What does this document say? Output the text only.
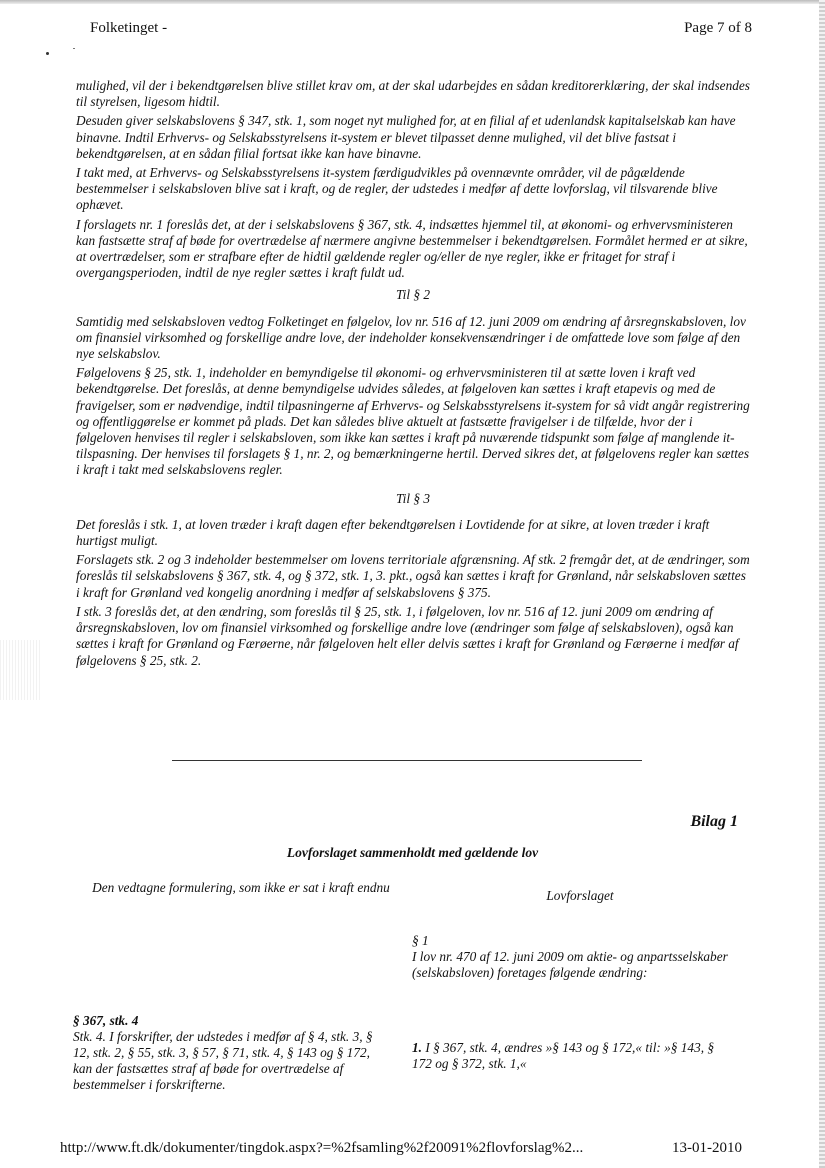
Folketinget -	Page 7 of 8

mulighed, vil der i bekendtgørelsen blive stillet krav om, at der skal udarbejdes en sådan kreditorerklæring, der skal indsendes til styrelsen, ligesom hidtil.

Desuden giver selskabslovens § 347, stk. 1, som noget nyt mulighed for, at en filial af et udenlandsk kapitalselskab kan have binavne. Indtil Erhvervs- og Selskabsstyrelsens it-system er blevet tilpasset denne mulighed, vil det blive fastsat i bekendtgørelsen, at en sådan filial fortsat ikke kan have binavne.

I takt med, at Erhvervs- og Selskabsstyrelsens it-system færdigudvikles på ovennævnte områder, vil de pågældende bestemmelser i selskabsloven blive sat i kraft, og de regler, der udstedes i medfør af dette lovforslag, vil tilsvarende blive ophævet.

I forslagets nr. 1 foreslås det, at der i selskabslovens § 367, stk. 4, indsættes hjemmel til, at økonomi- og erhvervsministeren kan fastsætte straf af bøde for overtrædelse af nærmere angivne bestemmelser i bekendtgørelsen. Formålet hermed er at sikre, at overtrædelser, som er strafbare efter de hidtil gældende regler og/eller de nye regler, ikke er fritaget for straf i overgangsperioden, indtil de nye regler sættes i kraft fuldt ud.

Til § 2

Samtidig med selskabsloven vedtog Folketinget en følgelov, lov nr. 516 af 12. juni 2009 om ændring af årsregnskabsloven, lov om finansiel virksomhed og forskellige andre love, der indeholder konsekvensændringer i de omfattede love som følge af den nye selskabslov.

Følgelovens § 25, stk. 1, indeholder en bemyndigelse til økonomi- og erhvervsministeren til at sætte loven i kraft ved bekendtgørelse. Det foreslås, at denne bemyndigelse udvides således, at følgeloven kan sættes i kraft etapevis og med de fravigelser, som er nødvendige, indtil tilpasningerne af Erhvervs- og Selskabsstyrelsens it-system for så vidt angår registrering og offentliggørelse er kommet på plads. Det kan således blive aktuelt at fastsætte fravigelser i de tilfælde, hvor der i følgeloven henvises til regler i selskabsloven, som ikke kan sættes i kraft på nuværende tidspunkt som følge af manglende it-tilspasning. Der henvises til forslagets § 1, nr. 2, og bemærkningerne hertil. Derved sikres det, at følgelovens regler kan sættes i kraft i takt med selskabslovens regler.

Til § 3

Det foreslås i stk. 1, at loven træder i kraft dagen efter bekendtgørelsen i Lovtidende for at sikre, at loven træder i kraft hurtigst muligt.

Forslagets stk. 2 og 3 indeholder bestemmelser om lovens territoriale afgrænsning. Af stk. 2 fremgår det, at de ændringer, som foreslås til selskabslovens § 367, stk. 4, og § 372, stk. 1, 3. pkt., også kan sættes i kraft for Grønland, når selskabsloven sættes i kraft for Grønland ved kongelig anordning i medfør af selskabslovens § 375.

I stk. 3 foreslås det, at den ændring, som foreslås til § 25, stk. 1, i følgeloven, lov nr. 516 af 12. juni 2009 om ændring af årsregnskabsloven, lov om finansiel virksomhed og forskellige andre love (ændringer som følge af selskabsloven), også kan sættes i kraft for Grønland og Færøerne, når følgeloven helt eller delvis sættes i kraft for Grønland og Færøerne i medfør af følgelovens § 25, stk. 2.

Bilag 1
Lovforslaget sammenholdt med gældende lov
Den vedtagne formulering, som ikke er sat i kraft endnu
Lovforslaget
§ 1
I lov nr. 470 af 12. juni 2009 om aktie- og anpartsselskaber (selskabsloven) foretages følgende ændring:
§ 367, stk. 4
Stk. 4. I forskrifter, der udstedes i medfør af § 4, stk. 3, § 12, stk. 2, § 55, stk. 3, § 57, § 71, stk. 4, § 143 og § 172, kan der fastsættes straf af bøde for overtrædelse af bestemmelser i forskrifterne.
1. I § 367, stk. 4, ændres »§ 143 og § 172,« til: »§ 143, § 172 og § 372, stk. 1,«
http://www.ft.dk/dokumenter/tingdok.aspx?=%2fsamling%2f20091%2flovforslag%2...	13-01-2010
